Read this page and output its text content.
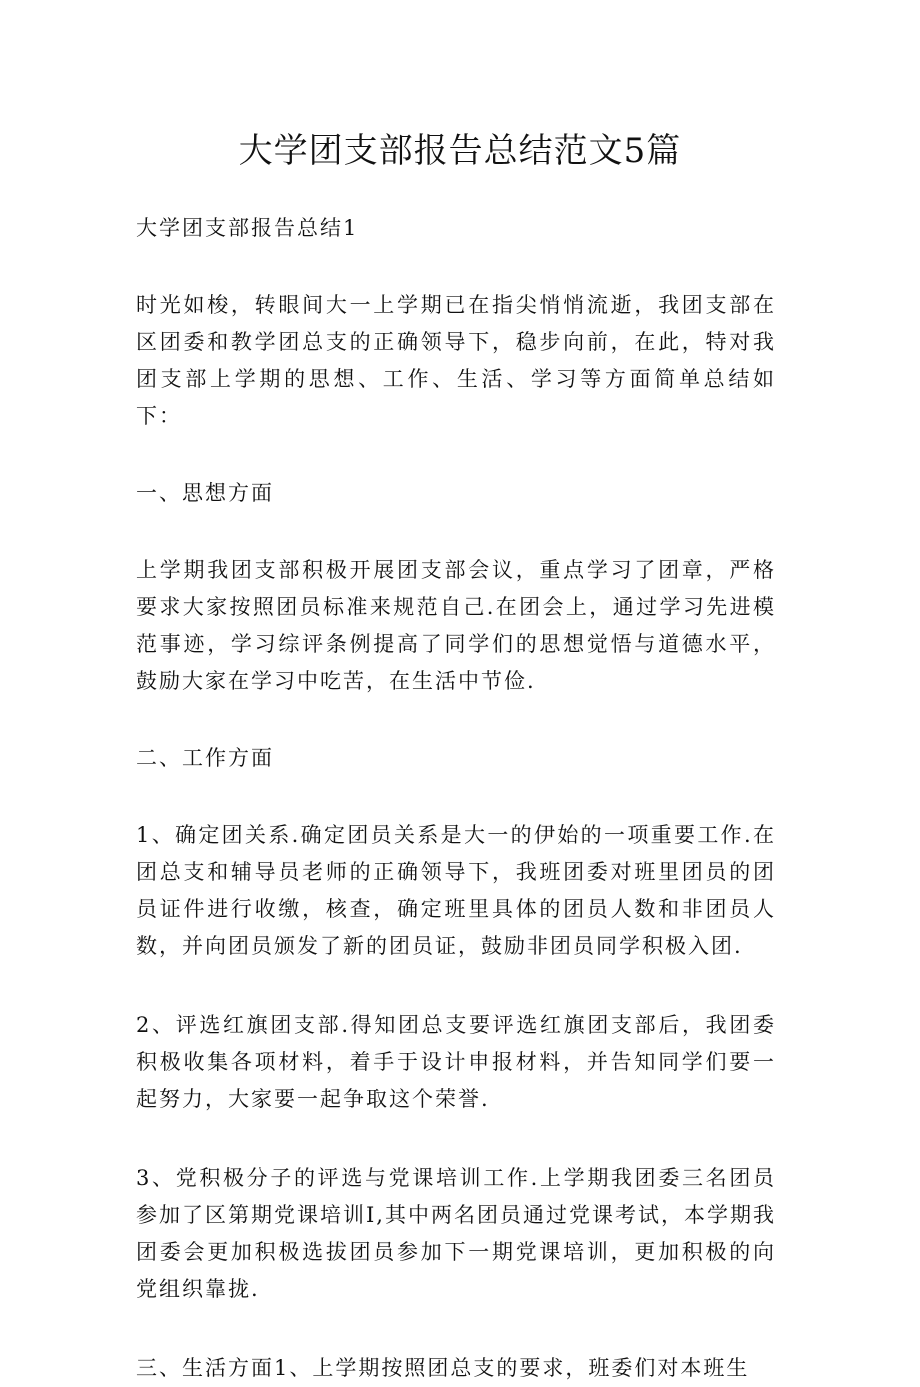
大学团支部报告总结范文5篇

大学团支部报告总结1

时光如梭，转眼间大一上学期已在指尖悄悄流逝，我团支部在区团委和教学团总支的正确领导下，稳步向前，在此，特对我团支部上学期的思想、工作、生活、学习等方面简单总结如下：

一、思想方面

上学期我团支部积极开展团支部会议，重点学习了团章，严格要求大家按照团员标准来规范自己.在团会上，通过学习先进模范事迹，学习综评条例提高了同学们的思想觉悟与道德水平，鼓励大家在学习中吃苦，在生活中节俭.

二、工作方面

1、确定团关系.确定团员关系是大一的伊始的一项重要工作.在团总支和辅导员老师的正确领导下，我班团委对班里团员的团员证件进行收缴，核查，确定班里具体的团员人数和非团员人数，并向团员颁发了新的团员证，鼓励非团员同学积极入团.

2、评选红旗团支部.得知团总支要评选红旗团支部后，我团委积极收集各项材料，着手于设计申报材料，并告知同学们要一起努力，大家要一起争取这个荣誉.

3、党积极分子的评选与党课培训工作.上学期我团委三名团员参加了区第期党课培训I,其中两名团员通过党课考试，本学期我团委会更加积极选拔团员参加下一期党课培训，更加积极的向党组织靠拢.

三、生活方面1、上学期按照团总支的要求，班委们对本班生
